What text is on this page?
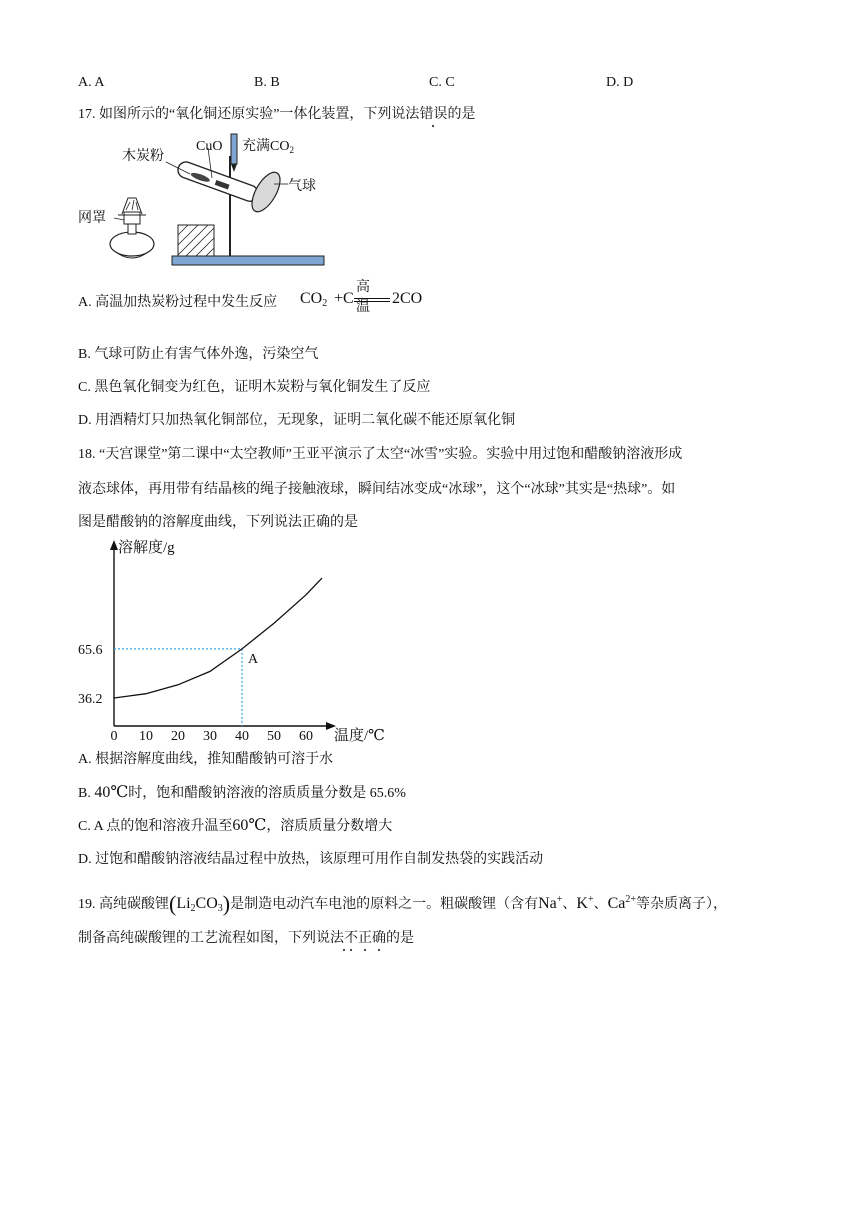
A. A	B. B	C. C	D. D
17. 如图所示的“氧化铜还原实验”一体化装置，下列说法错误的是
CuO 充满$CO_2$
木炭粉
气球
网罩
A. 高温加热炭粉过程中发生反应 $CO_2 +C$
高温
2CO
B. 气球可防止有害气体外逸，污染空气
C. 黑色氧化铜变为红色，证明木炭粉与氧化铜发生了反应
D. 用酒精灯只加热氧化铜部位，无现象，证明二氧化碳不能还原氧化铜
18. “天宫课堂”第二课中“太空教师”王亚平演示了太空“冰雪”实验。实验中用过饱和醋酸钠溶液形成
液态球体，再用带有结晶核的绳子接触液球，瞬间结冰变成“冰球”，这个“冰球”其实是“热球”。如
图是醋酸钠的溶解度曲线，下列说法正确的是
0 10 20 30 40 50 60
65.6
36.2
溶解度/g
温度/℃
A
A. 根据溶解度曲线，推知醋酸钠可溶于水
B. 40℃时，饱和醋酸钠溶液的溶质质量分数是 65.6%
C. A 点的饱和溶液升温至60℃，溶质质量分数增大
D. 过饱和醋酸钠溶液结晶过程中放热，该原理可用作自制发热袋的实践活动
19. 高纯碳酸锂$(Li_2CO_3)$是制造电动汽车电池的原料之一。粗碳酸锂（含有Na+、K+、$Ca^{2+}$等杂质离子），
制备高纯碳酸锂的工艺流程如图，下列说法不正确的是
